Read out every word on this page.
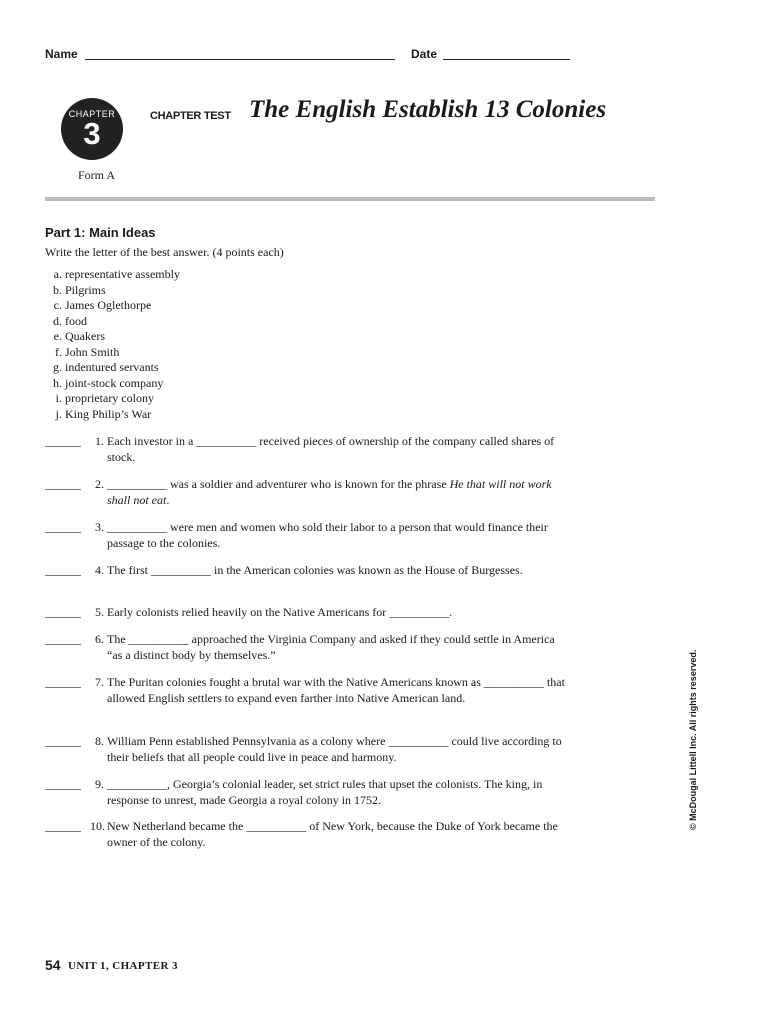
Name	Date
CHAPTER
3	CHAPTER TEST The English Establish 13 Colonies
Form A
Part 1: Main Ideas
Write the letter of the best answer. (4 points each)
a. representative assembly
b. Pilgrims
c. James Oglethorpe
d. food
e. Quakers
f. John Smith
g. indentured servants
h. joint-stock company
i. proprietary colony
j. King Philip’s War
______	1. Each investor in a __________ received pieces of ownership of the company called shares of stock.
______	2. __________ was a soldier and adventurer who is known for the phrase He that will not work shall not eat.
______	3. __________ were men and women who sold their labor to a person that would finance their passage to the colonies.
______	4. The first __________ in the American colonies was known as the House of Burgesses.
______	5. Early colonists relied heavily on the Native Americans for __________.
______	6. The __________ approached the Virginia Company and asked if they could settle in America “as a distinct body by themselves.”
______	7. The Puritan colonies fought a brutal war with the Native Americans known as __________ that allowed English settlers to expand even farther into Native American land.
______	8. William Penn established Pennsylvania as a colony where __________ could live according to their beliefs that all people could live in peace and harmony.
______	9. __________, Georgia’s colonial leader, set strict rules that upset the colonists. The king, in response to unrest, made Georgia a royal colony in 1752.
______ 10. New Netherland became the __________ of New York, because the Duke of York became the owner of the colony.
© McDougal Littell Inc. All rights reserved.
54 UNIT 1, CHAPTER 3
